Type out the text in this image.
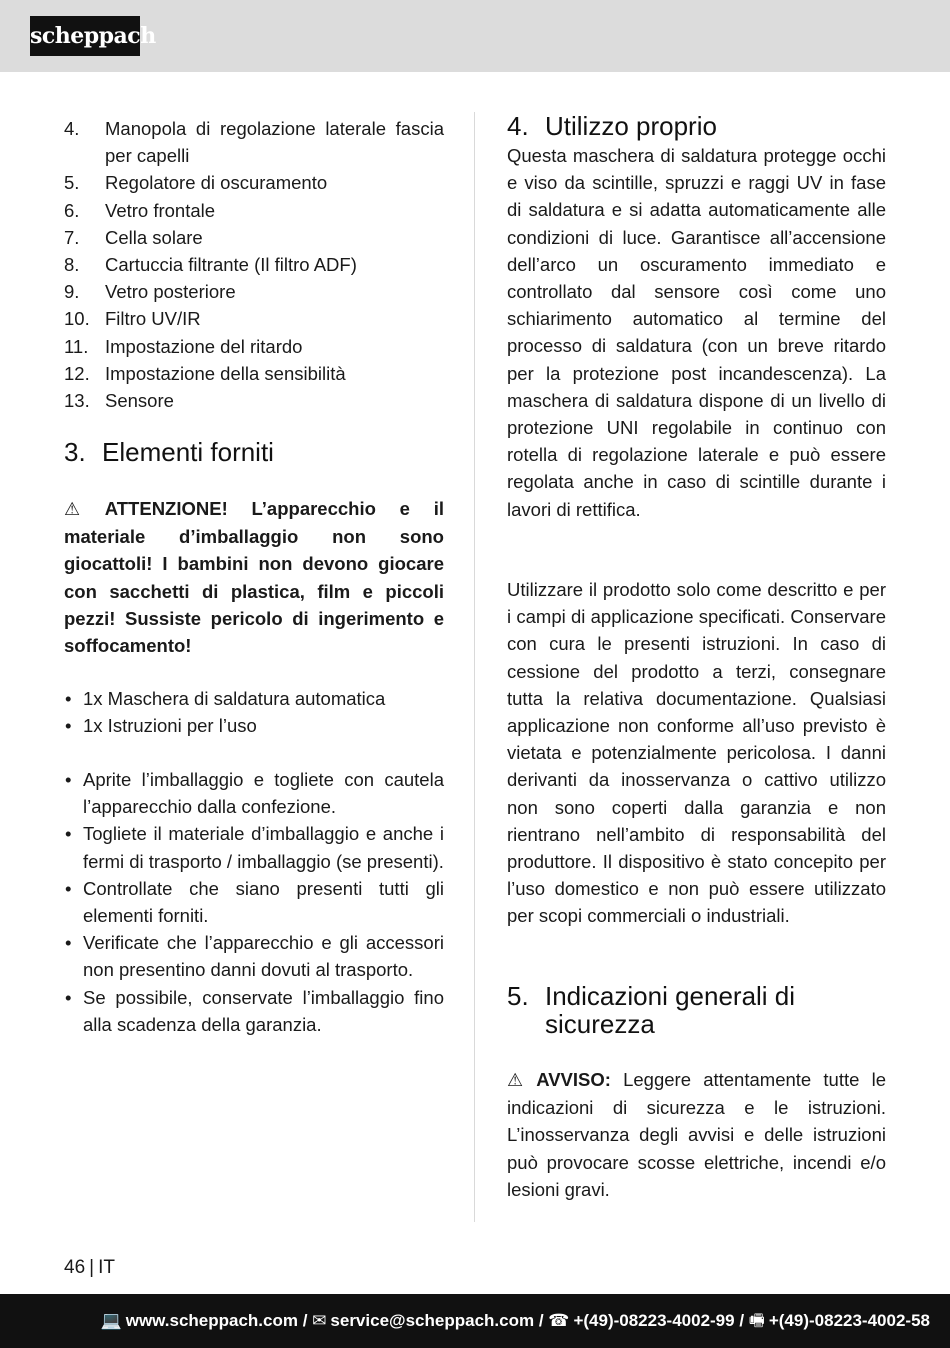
scheppach
4. Manopola di regolazione laterale fascia per capelli
5. Regolatore di oscuramento
6. Vetro frontale
7. Cella solare
8. Cartuccia filtrante (Il filtro ADF)
9. Vetro posteriore
10. Filtro UV/IR
11. Impostazione del ritardo
12. Impostazione della sensibilità
13. Sensore
3. Elementi forniti

⚠ ATTENZIONE! L’apparecchio e il materiale d’imballaggio non sono giocattoli! I bambini non devono giocare con sacchetti di plastica, film e piccoli pezzi! Sussiste pericolo di ingerimento e soffocamento!

• 1x Maschera di saldatura automatica
• 1x Istruzioni per l’uso
• Aprite l’imballaggio e togliete con cautela l’apparecchio dalla confezione.
• Togliete il materiale d’imballaggio e anche i fermi di trasporto / imballaggio (se presenti).
• Controllate che siano presenti tutti gli elementi forniti.
• Verificate che l’apparecchio e gli accessori non presentino danni dovuti al trasporto.
• Se possibile, conservate l’imballaggio fino alla scadenza della garanzia.
4. Utilizzo proprio

Questa maschera di saldatura protegge occhi e viso da scintille, spruzzi e raggi UV in fase di saldatura e si adatta automaticamente alle condizioni di luce. Garantisce all’accensione dell’arco un oscuramento immediato e controllato dal sensore così come uno schiarimento automatico al termine del processo di saldatura (con un breve ritardo per la protezione post incandescenza). La maschera di saldatura dispone di un livello di protezione UNI regolabile in continuo con rotella di regolazione laterale e può essere regolata anche in caso di scintille durante i lavori di rettifica.

Utilizzare il prodotto solo come descritto e per i campi di applicazione specificati. Conservare con cura le presenti istruzioni. In caso di cessione del prodotto a terzi, consegnare tutta la relativa documentazione. Qualsiasi applicazione non conforme all’uso previsto è vietata e potenzialmente pericolosa. I danni derivanti da inosservanza o cattivo utilizzo non sono coperti dalla garanzia e non rientrano nell’ambito di responsabilità del produttore. Il dispositivo è stato concepito per l’uso domestico e non può essere utilizzato per scopi commerciali o industriali.

5. Indicazioni generali di sicurezza

⚠ AVVISO: Leggere attentamente tutte le indicazioni di sicurezza e le istruzioni. L’inosservanza degli avvisi e delle istruzioni può provocare scosse elettriche, incendi e/o lesioni gravi.

46 | IT
💻 www.scheppach.com / ✉ service@scheppach.com / ☎ +(49)-08223-4002-99 / 🖷 +(49)-08223-4002-58
